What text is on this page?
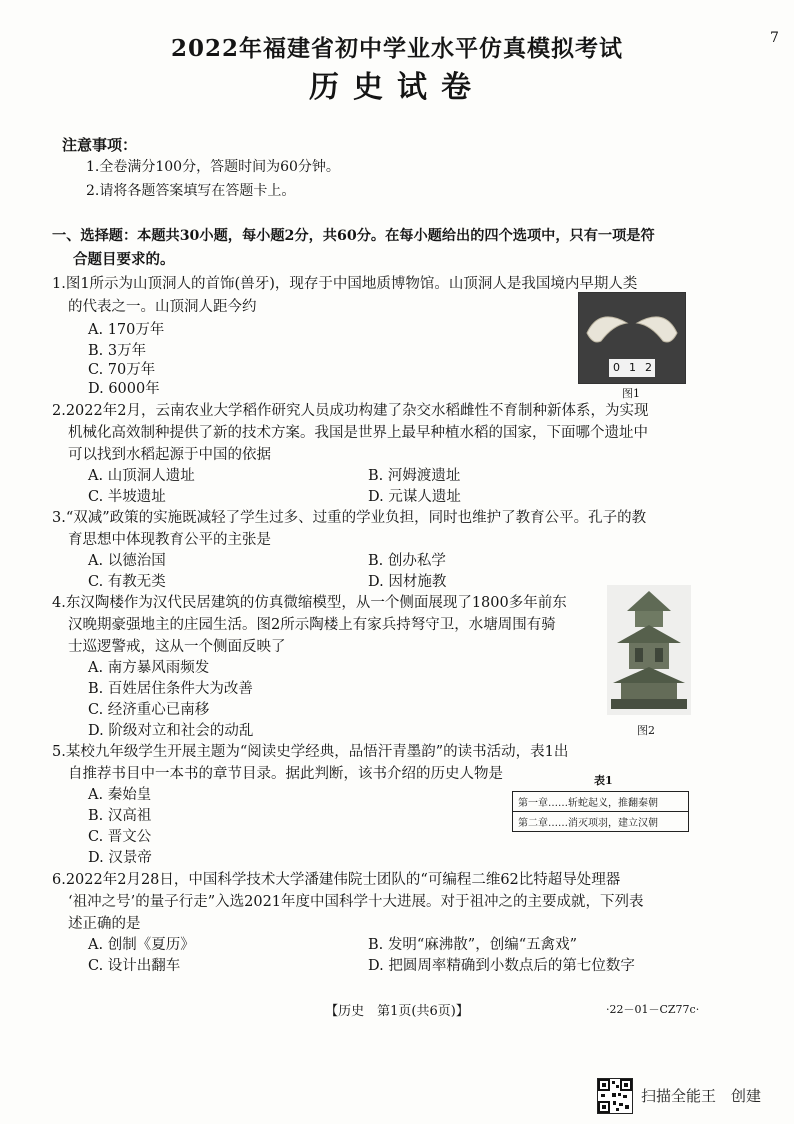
2022年福建省初中学业水平仿真模拟考试
历史试卷
7
注意事项：
1.全卷满分100分，答题时间为60分钟。
2.请将各题答案填写在答题卡上。
一、选择题：本题共30小题，每小题2分，共60分。在每小题给出的四个选项中，只有一项是符
合题目要求的。
1.图1所示为山顶洞人的首饰(兽牙)，现存于中国地质博物馆。山顶洞人是我国境内早期人类
的代表之一。山顶洞人距今约
A. 170万年
B. 3万年
C. 70万年
D. 6000年
012
图1
2.2022年2月，云南农业大学稻作研究人员成功构建了杂交水稻雌性不育制种新体系，为实现
机械化高效制种提供了新的技术方案。我国是世界上最早种植水稻的国家，下面哪个遗址中
可以找到水稻起源于中国的依据
A. 山顶洞人遗址	B. 河姆渡遗址
C. 半坡遗址	D. 元谋人遗址
3.“双减”政策的实施既减轻了学生过多、过重的学业负担，同时也维护了教育公平。孔子的教
育思想中体现教育公平的主张是
A. 以德治国	B. 创办私学
C. 有教无类	D. 因材施教
4.东汉陶楼作为汉代民居建筑的仿真微缩模型，从一个侧面展现了1800多年前东
汉晚期豪强地主的庄园生活。图2所示陶楼上有家兵持弩守卫，水塘周围有骑
士巡逻警戒，这从一个侧面反映了
A. 南方暴风雨频发
B. 百姓居住条件大为改善
C. 经济重心已南移
D. 阶级对立和社会的动乱	图2
5.某校九年级学生开展主题为“阅读史学经典，品悟汗青墨韵”的读书活动，表1出
自推荐书目中一本书的章节目录。据此判断，该书介绍的历史人物是
A. 秦始皇
B. 汉高祖
C. 晋文公
D. 汉景帝
表1
第一章……斩蛇起义，推翻秦朝
第二章……消灭项羽，建立汉朝
6.2022年2月28日，中国科学技术大学潘建伟院士团队的“可编程二维62比特超导处理器
‘祖冲之号’的量子行走”入选2021年度中国科学十大进展。对于祖冲之的主要成就，下列表
述正确的是
A. 创制《夏历》	B. 发明“麻沸散”，创编“五禽戏”
C. 设计出翻车	D. 把圆周率精确到小数点后的第七位数字
【历史　第1页(共6页)】	·22－01－CZ77c·
扫描全能王　创建
